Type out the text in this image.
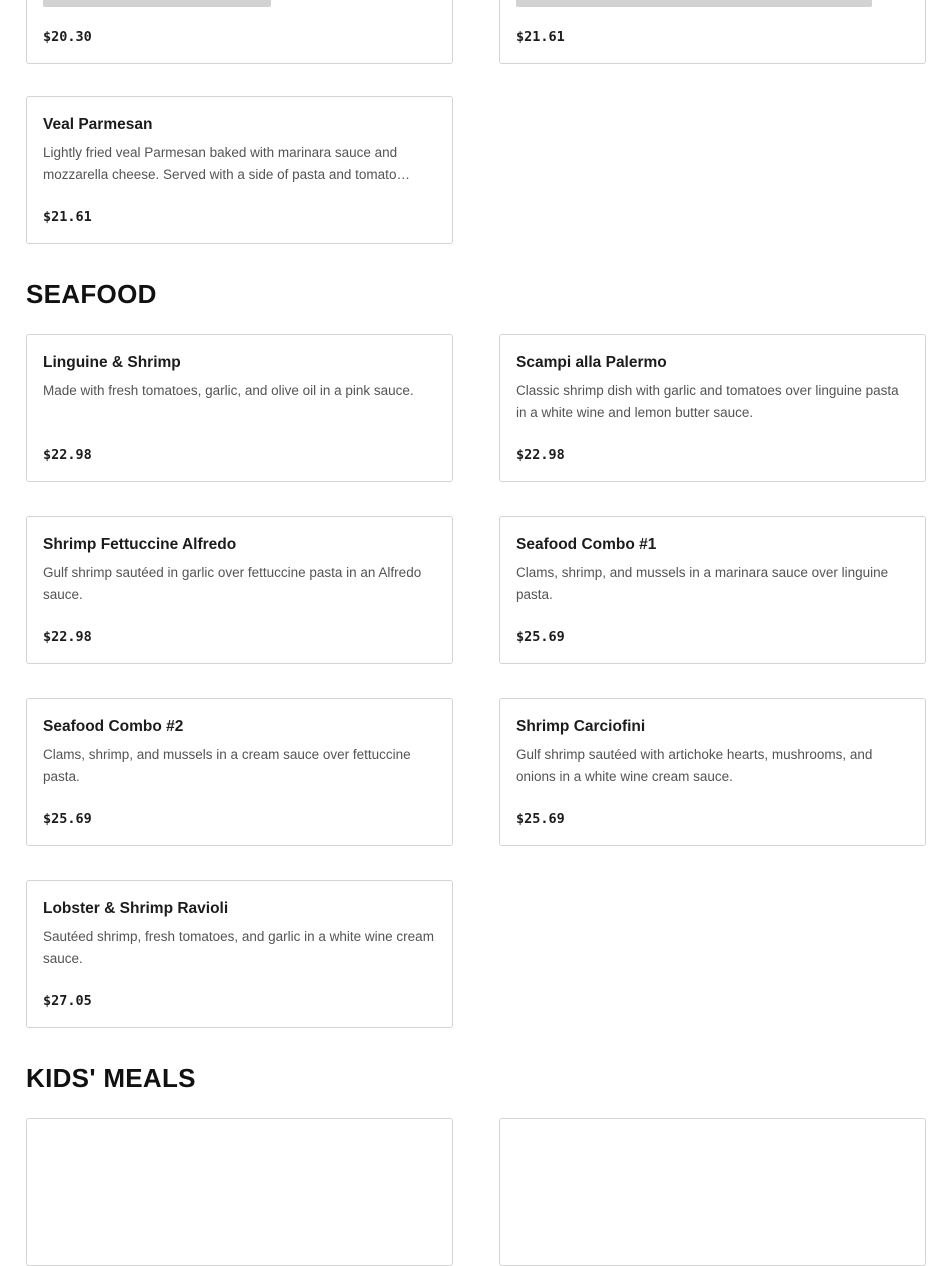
$20.30	$21.61
Veal Parmesan
Lightly fried veal Parmesan baked with marinara sauce and mozzarella cheese. Served with a side of pasta and tomato…
$21.61
SEAFOOD
Linguine & Shrimp
Made with fresh tomatoes, garlic, and olive oil in a pink sauce.
$22.98
Scampi alla Palermo
Classic shrimp dish with garlic and tomatoes over linguine pasta in a white wine and lemon butter sauce.
$22.98
Shrimp Fettuccine Alfredo
Gulf shrimp sautéed in garlic over fettuccine pasta in an Alfredo sauce.
$22.98
Seafood Combo #1
Clams, shrimp, and mussels in a marinara sauce over linguine pasta.
$25.69
Seafood Combo #2
Clams, shrimp, and mussels in a cream sauce over fettuccine pasta.
$25.69
Shrimp Carciofini
Gulf shrimp sautéed with artichoke hearts, mushrooms, and onions in a white wine cream sauce.
$25.69
Lobster & Shrimp Ravioli
Sautéed shrimp, fresh tomatoes, and garlic in a white wine cream sauce.
$27.05
KIDS' MEALS
